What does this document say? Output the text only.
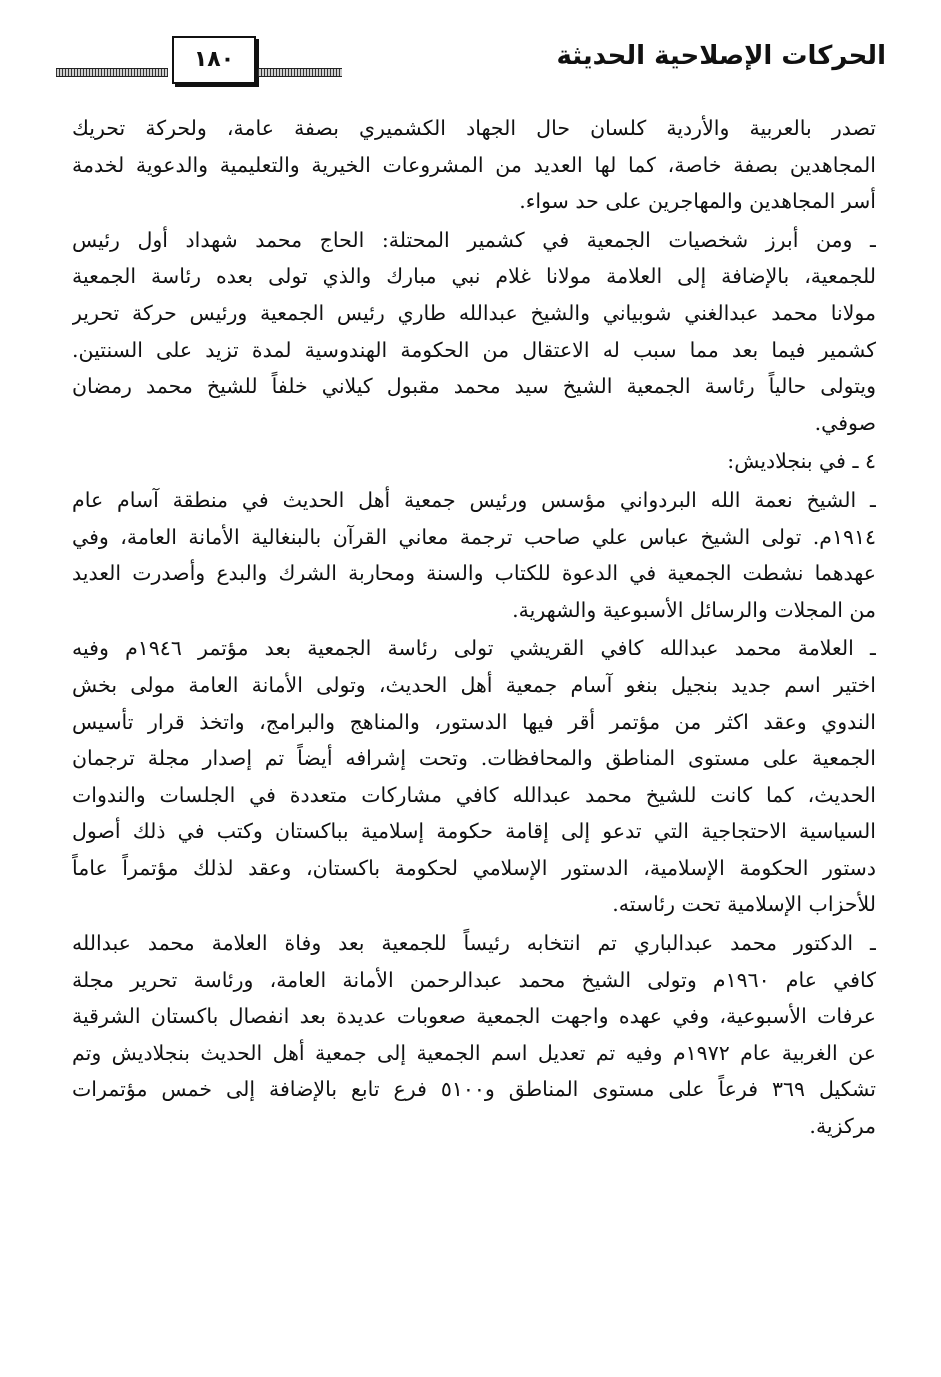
١٨٠	الحركات الإصلاحية الحديثة
تصدر بالعربية والأردية كلسان حال الجهاد الكشميري بصفة عامة، ولحركة تحريك
المجاهدين بصفة خاصة، كما لها العديد من المشروعات الخيرية والتعليمية والدعوية لخدمة
أسر المجاهدين والمهاجرين على حد سواء.
ـ ومن أبرز شخصيات الجمعية في كشمير المحتلة: الحاج محمد شهداد أول رئيس
للجمعية، بالإضافة إلى العلامة مولانا غلام نبي مبارك والذي تولى بعده رئاسة الجمعية
مولانا محمد عبدالغني شوبياني والشيخ عبدالله طاري رئيس الجمعية ورئيس حركة تحرير
كشمير فيما بعد مما سبب له الاعتقال من الحكومة الهندوسية لمدة تزيد على السنتين.
ويتولى حالياً رئاسة الجمعية الشيخ سيد محمد مقبول كيلاني خلفاً للشيخ محمد رمضان
صوفي.
٤ ـ في بنجلاديش:
ـ الشيخ نعمة الله البردواني مؤسس ورئيس جمعية أهل الحديث في منطقة آسام عام
١٩١٤م. تولى الشيخ عباس علي صاحب ترجمة معاني القرآن بالبنغالية الأمانة العامة، وفي
عهدهما نشطت الجمعية في الدعوة للكتاب والسنة ومحاربة الشرك والبدع وأصدرت العديد
من المجلات والرسائل الأسبوعية والشهرية.
ـ العلامة محمد عبدالله كافي القريشي تولى رئاسة الجمعية بعد مؤتمر ١٩٤٦م وفيه
اختير اسم جديد بنجيل بنغو آسام جمعية أهل الحديث، وتولى الأمانة العامة مولى بخش
الندوي وعقد اكثر من مؤتمر أقر فيها الدستور، والمناهج والبرامج، واتخذ قرار تأسيس
الجمعية على مستوى المناطق والمحافظات. وتحت إشرافه أيضاً تم إصدار مجلة ترجمان
الحديث، كما كانت للشيخ محمد عبدالله كافي مشاركات متعددة في الجلسات والندوات
السياسية الاحتجاجية التي تدعو إلى إقامة حكومة إسلامية بباكستان وكتب في ذلك أصول
دستور الحكومة الإسلامية، الدستور الإسلامي لحكومة باكستان، وعقد لذلك مؤتمراً عاماً
للأحزاب الإسلامية تحت رئاسته.
ـ الدكتور محمد عبدالباري تم انتخابه رئيساً للجمعية بعد وفاة العلامة محمد عبدالله
كافي عام ١٩٦٠م وتولى الشيخ محمد عبدالرحمن الأمانة العامة، ورئاسة تحرير مجلة
عرفات الأسبوعية، وفي عهده واجهت الجمعية صعوبات عديدة بعد انفصال باكستان الشرقية
عن الغربية عام ١٩٧٢م وفيه تم تعديل اسم الجمعية إلى جمعية أهل الحديث بنجلاديش وتم
تشكيل ٣٦٩ فرعاً على مستوى المناطق و٥١٠٠ فرع تابع بالإضافة إلى خمس مؤتمرات
مركزية.
